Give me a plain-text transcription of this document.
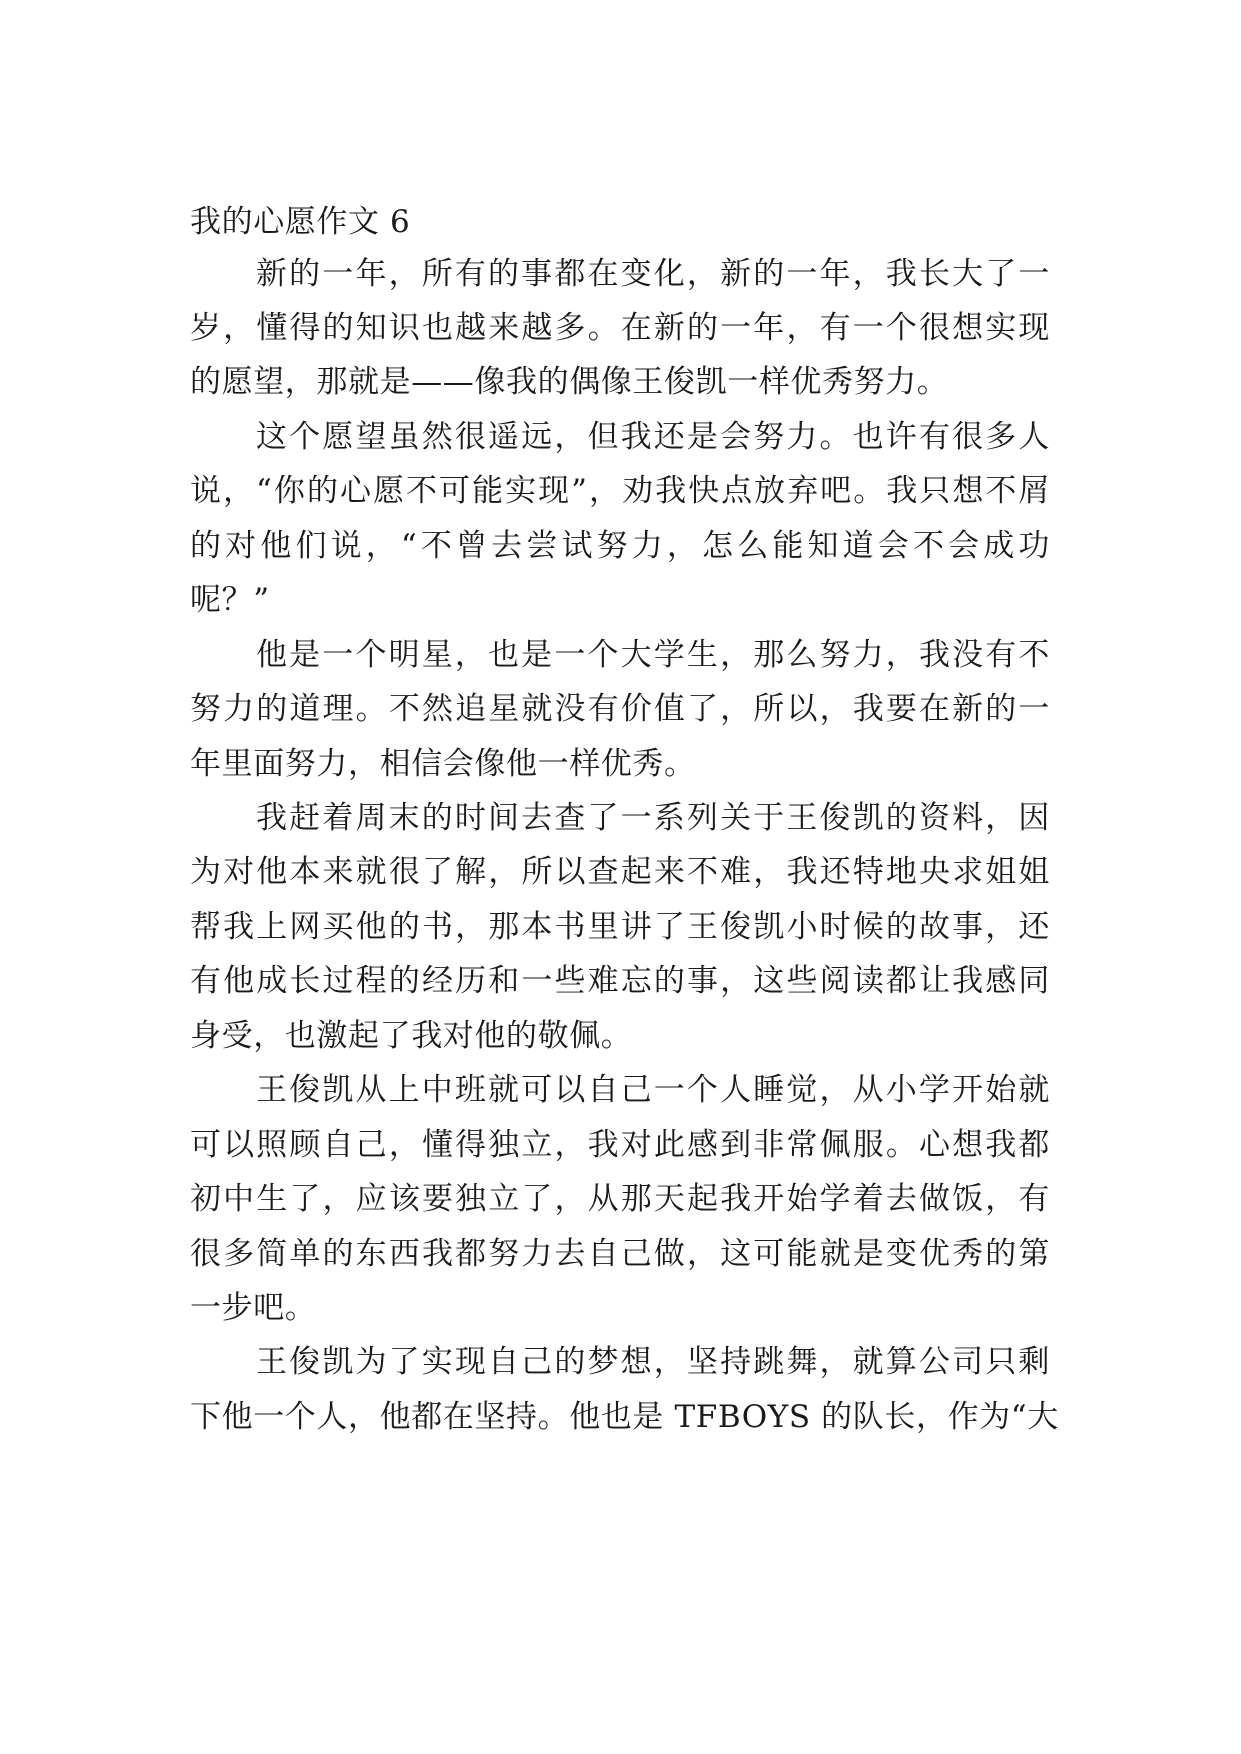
我的心愿作文 6
新的一年，所有的事都在变化，新的一年，我长大了一
岁，懂得的知识也越来越多。在新的一年，有一个很想实现
的愿望，那就是——像我的偶像王俊凯一样优秀努力。
这个愿望虽然很遥远，但我还是会努力。也许有很多人
说，“你的心愿不可能实现”，劝我快点放弃吧。我只想不屑
的对他们说，“不曾去尝试努力，怎么能知道会不会成功
呢？”
他是一个明星，也是一个大学生，那么努力，我没有不
努力的道理。不然追星就没有价值了，所以，我要在新的一
年里面努力，相信会像他一样优秀。
我赶着周末的时间去查了一系列关于王俊凯的资料，因
为对他本来就很了解，所以查起来不难，我还特地央求姐姐
帮我上网买他的书，那本书里讲了王俊凯小时候的故事，还
有他成长过程的经历和一些难忘的事，这些阅读都让我感同
身受，也激起了我对他的敬佩。
王俊凯从上中班就可以自己一个人睡觉，从小学开始就
可以照顾自己，懂得独立，我对此感到非常佩服。心想我都
初中生了，应该要独立了，从那天起我开始学着去做饭，有
很多简单的东西我都努力去自己做，这可能就是变优秀的第
一步吧。
王俊凯为了实现自己的梦想，坚持跳舞，就算公司只剩
下他一个人，他都在坚持。他也是 TFBOYS 的队长，作为“大
